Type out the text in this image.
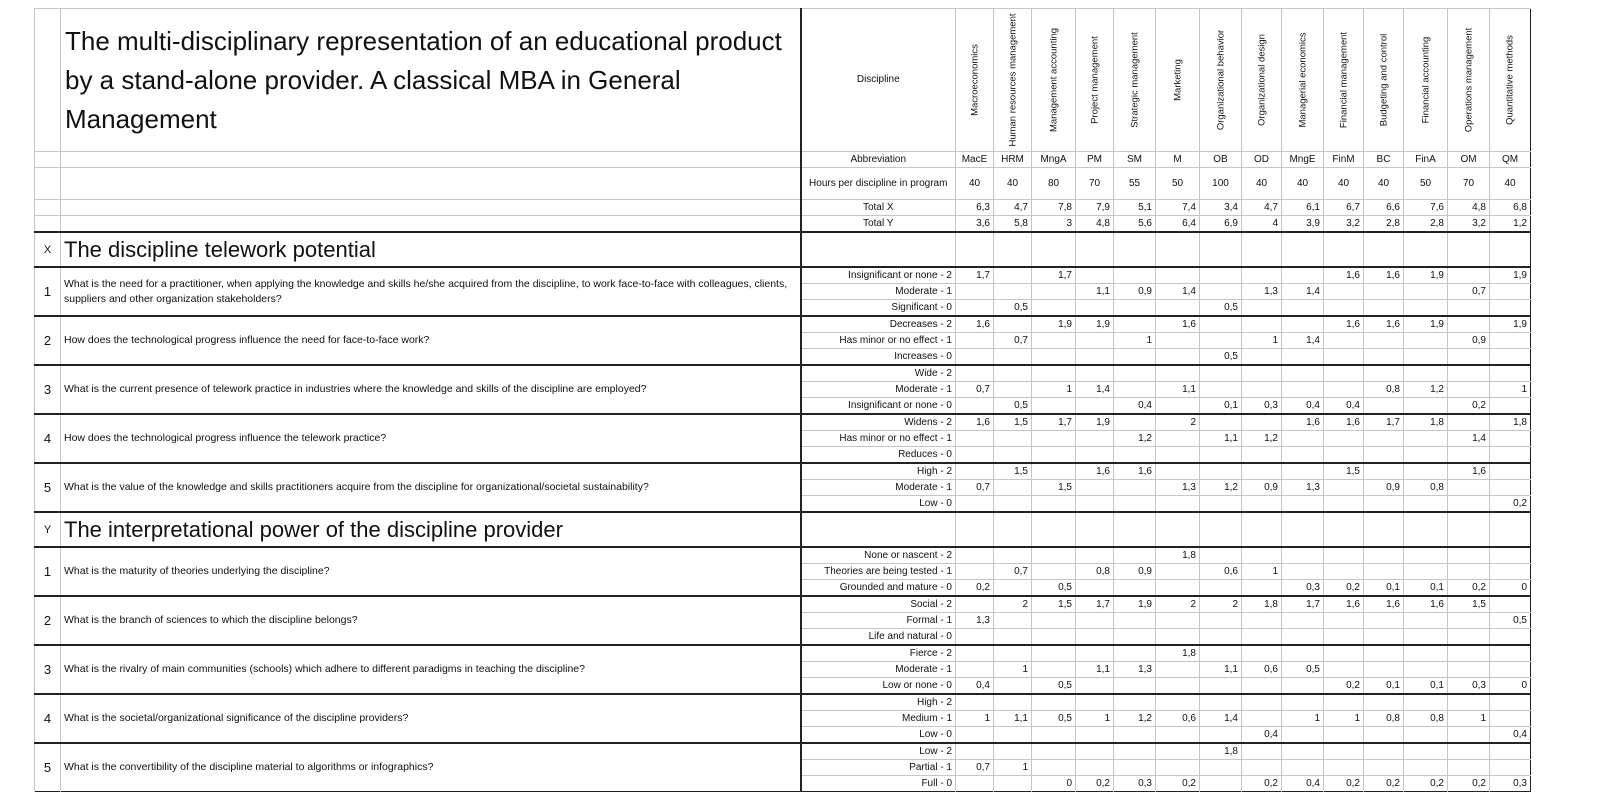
	The multi-disciplinary representation of an educational product by a stand-alone provider. A classical MBA in General Management	Discipline	Macroeconomics	Human resources management	Management accounting	Project management	Strategic management	Marketing	Organizational behavior	Organizational design	Managerial economics	Financial management	Budgeting and control	Financial accounting	Operations management	Quantitative methods

		Abbreviation	MacE	HRM	MngA	PM	SM	M	OB	OD	MngE	FinM	BC	FinA	OM	QM
		Hours per discipline in program	40	40	80	70	55	50	100	40	40	40	40	50	70	40
		Total X	6,3	4,7	7,8	7,9	5,1	7,4	3,4	4,7	6,1	6,7	6,6	7,6	4,8	6,8
		Total Y	3,6	5,8	3	4,8	5,6	6,4	6,9	4	3,9	3,2	2,8	2,8	3,2	1,2
X	The discipline telework potential															
1	What is the need for a practitioner, when applying the knowledge and skills he/she acquired from the discipline, to work face-to-face with colleagues, clients, suppliers and other organization stakeholders?	Insignificant or none - 2	1,7		1,7							1,6	1,6	1,9		1,9
		Moderate - 1				1,1	0,9	1,4		1,3	1,4				0,7	
		Significant - 0		0,5					0,5							
2	How does the technological progress influence the need for face-to-face work?	Decreases - 2	1,6		1,9	1,9		1,6				1,6	1,6	1,9		1,9
		Has minor or no effect - 1		0,7			1			1	1,4				0,9	
		Increases - 0							0,5							
3	What is the current presence of telework practice in industries where the knowledge and skills of the discipline are employed?	Wide - 2														
		Moderate - 1	0,7		1	1,4		1,1					0,8	1,2		1
		Insignificant or none - 0		0,5			0,4		0,1	0,3	0,4	0,4			0,2	
4	How does the technological progress influence the telework practice?	Widens - 2	1,6	1,5	1,7	1,9		2			1,6	1,6	1,7	1,8		1,8
		Has minor or no effect - 1					1,2		1,1	1,2					1,4	
		Reduces - 0														
5	What is the value of the knowledge and skills practitioners acquire from the discipline for organizational/societal sustainability?	High - 2		1,5		1,6	1,6					1,5			1,6	
		Moderate - 1	0,7		1,5			1,3	1,2	0,9	1,3		0,9	0,8		
		Low - 0														0,2
Y	The interpretational power of the discipline provider															
1	What is the maturity of theories underlying the discipline?	None or nascent - 2						1,8								
		Theories are being tested - 1		0,7		0,8	0,9		0,6	1						
		Grounded and mature - 0	0,2		0,5						0,3	0,2	0,1	0,1	0,2	0
2	What is the branch of sciences to which the discipline belongs?	Social - 2		2	1,5	1,7	1,9	2	2	1,8	1,7	1,6	1,6	1,6	1,5	
		Formal - 1	1,3													0,5
		Life and natural - 0														
3	What is the rivalry of main communities (schools) which adhere to different paradigms in teaching the discipline?	Fierce - 2						1,8								
		Moderate - 1		1		1,1	1,3		1,1	0,6	0,5					
		Low or none - 0	0,4		0,5							0,2	0,1	0,1	0,3	0
4	What is the societal/organizational significance of the discipline providers?	High - 2														
		Medium - 1	1	1,1	0,5	1	1,2	0,6	1,4		1	1	0,8	0,8	1	
		Low - 0								0,4						0,4
5	What is the convertibility of the discipline material to algorithms or infographics?	Low - 2							1,8							
		Partial - 1	0,7	1												
		Full - 0			0	0,2	0,3	0,2		0,2	0,4	0,2	0,2	0,2	0,2	0,3
